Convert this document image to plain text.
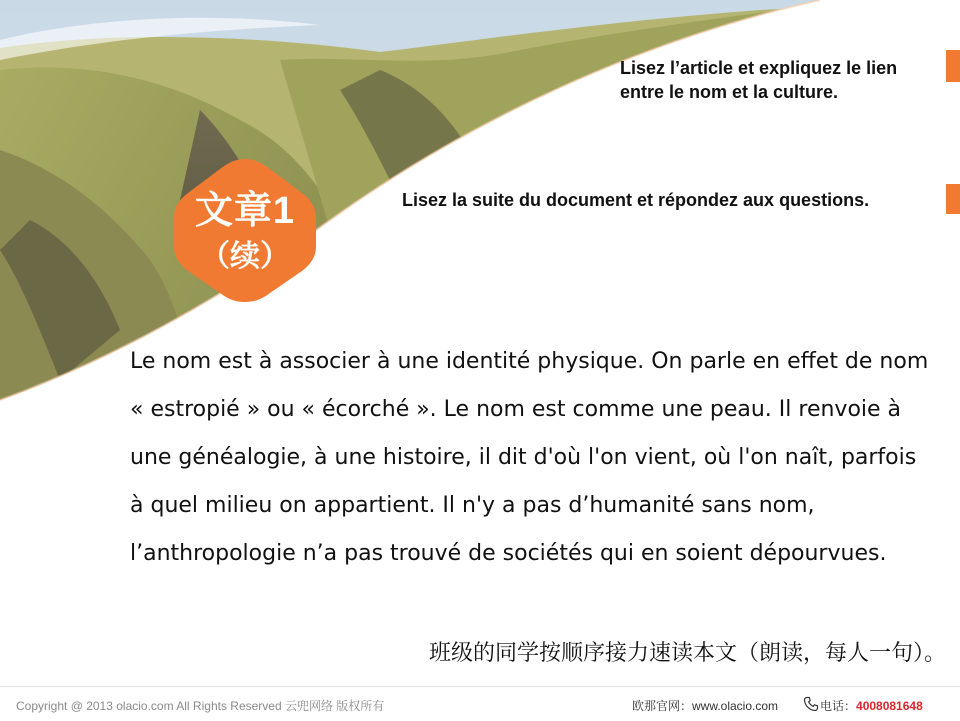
Lisez l’article et expliquez le lien entre le nom et la culture.
Lisez la suite du document et répondez aux questions.
文章1
（续）
Le nom est à associer à une identité physique. On parle en effet de nom « estropié » ou « écorché ». Le nom est comme une peau. Il renvoie à une généalogie, à une histoire, il dit d'où l'on vient, où l'on naît, parfois à quel milieu on appartient. Il n'y a pas d’humanité sans nom, l’anthropologie n’a pas trouvé de sociétés qui en soient dépourvues.
班级的同学按顺序接力速读本文（朗读，每人一句）。
Copyright @ 2013 olacio.com All Rights Reserved 云兜网络 版权所有	欧那官网：www.olacio.com	电话：4008081648
